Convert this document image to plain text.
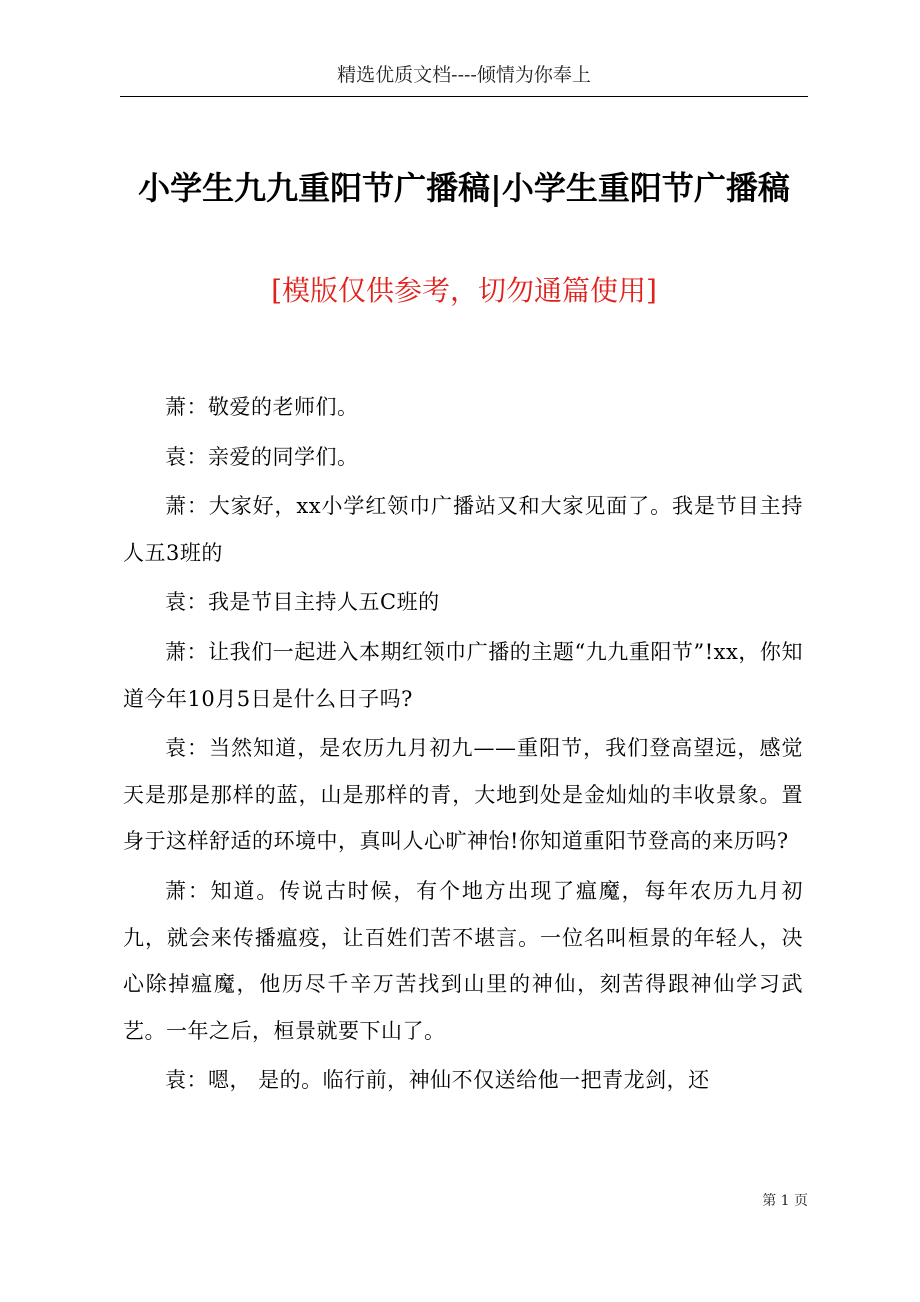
精选优质文档----倾情为你奉上
小学生九九重阳节广播稿|小学生重阳节广播稿
[模版仅供参考，切勿通篇使用]

萧：敬爱的老师们。

袁：亲爱的同学们。

萧：大家好，xx小学红领巾广播站又和大家见面了。我是节目主持人五3班的

袁：我是节目主持人五C班的

萧：让我们一起进入本期红领巾广播的主题“九九重阳节”!xx，你知道今年10月5日是什么日子吗?

袁：当然知道，是农历九月初九——重阳节，我们登高望远，感觉天是那是那样的蓝，山是那样的青，大地到处是金灿灿的丰收景象。置身于这样舒适的环境中，真叫人心旷神怡!你知道重阳节登高的来历吗?

萧：知道。传说古时候，有个地方出现了瘟魔，每年农历九月初九，就会来传播瘟疫，让百姓们苦不堪言。一位名叫桓景的年轻人，决心除掉瘟魔，他历尽千辛万苦找到山里的神仙，刻苦得跟神仙学习武艺。一年之后，桓景就要下山了。

袁：嗯， 是的。临行前，神仙不仅送给他一把青龙剑，还

第 1 页
